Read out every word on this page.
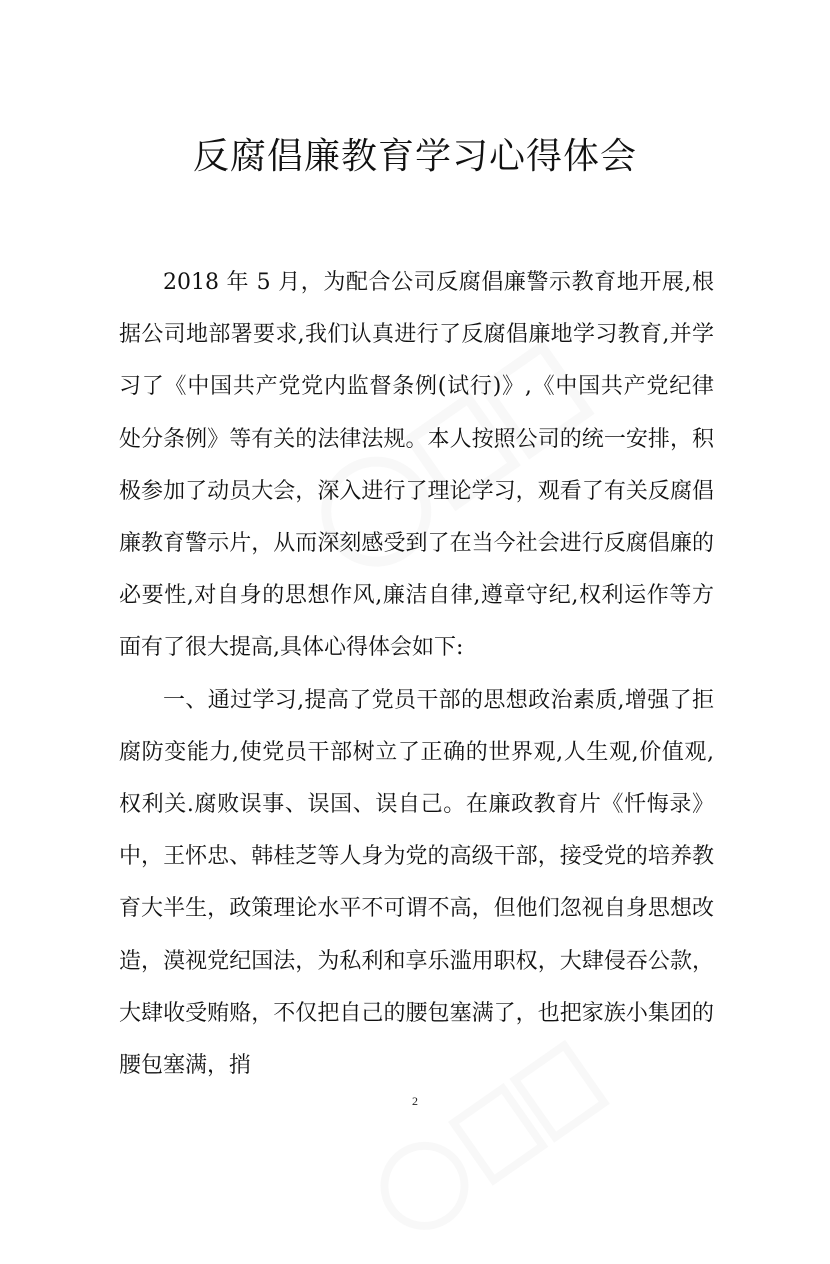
反腐倡廉教育学习心得体会

2018 年 5 月，为配合公司反腐倡廉警示教育地开展,根据公司地部署要求,我们认真进行了反腐倡廉地学习教育,并学习了《中国共产党党内监督条例(试行)》,《中国共产党纪律处分条例》等有关的法律法规。本人按照公司的统一安排，积极参加了动员大会，深入进行了理论学习，观看了有关反腐倡廉教育警示片，从而深刻感受到了在当今社会进行反腐倡廉的必要性,对自身的思想作风,廉洁自律,遵章守纪,权利运作等方面有了很大提高,具体心得体会如下:

一、通过学习,提高了党员干部的思想政治素质,增强了拒腐防变能力,使党员干部树立了正确的世界观,人生观,价值观,权利关.腐败误事、误国、误自己。在廉政教育片《忏悔录》中，王怀忠、韩桂芝等人身为党的高级干部，接受党的培养教育大半生，政策理论水平不可谓不高，但他们忽视自身思想改造，漠视党纪国法，为私利和享乐滥用职权，大肆侵吞公款，大肆收受贿赂，不仅把自己的腰包塞满了，也把家族小集团的腰包塞满，捎

2
